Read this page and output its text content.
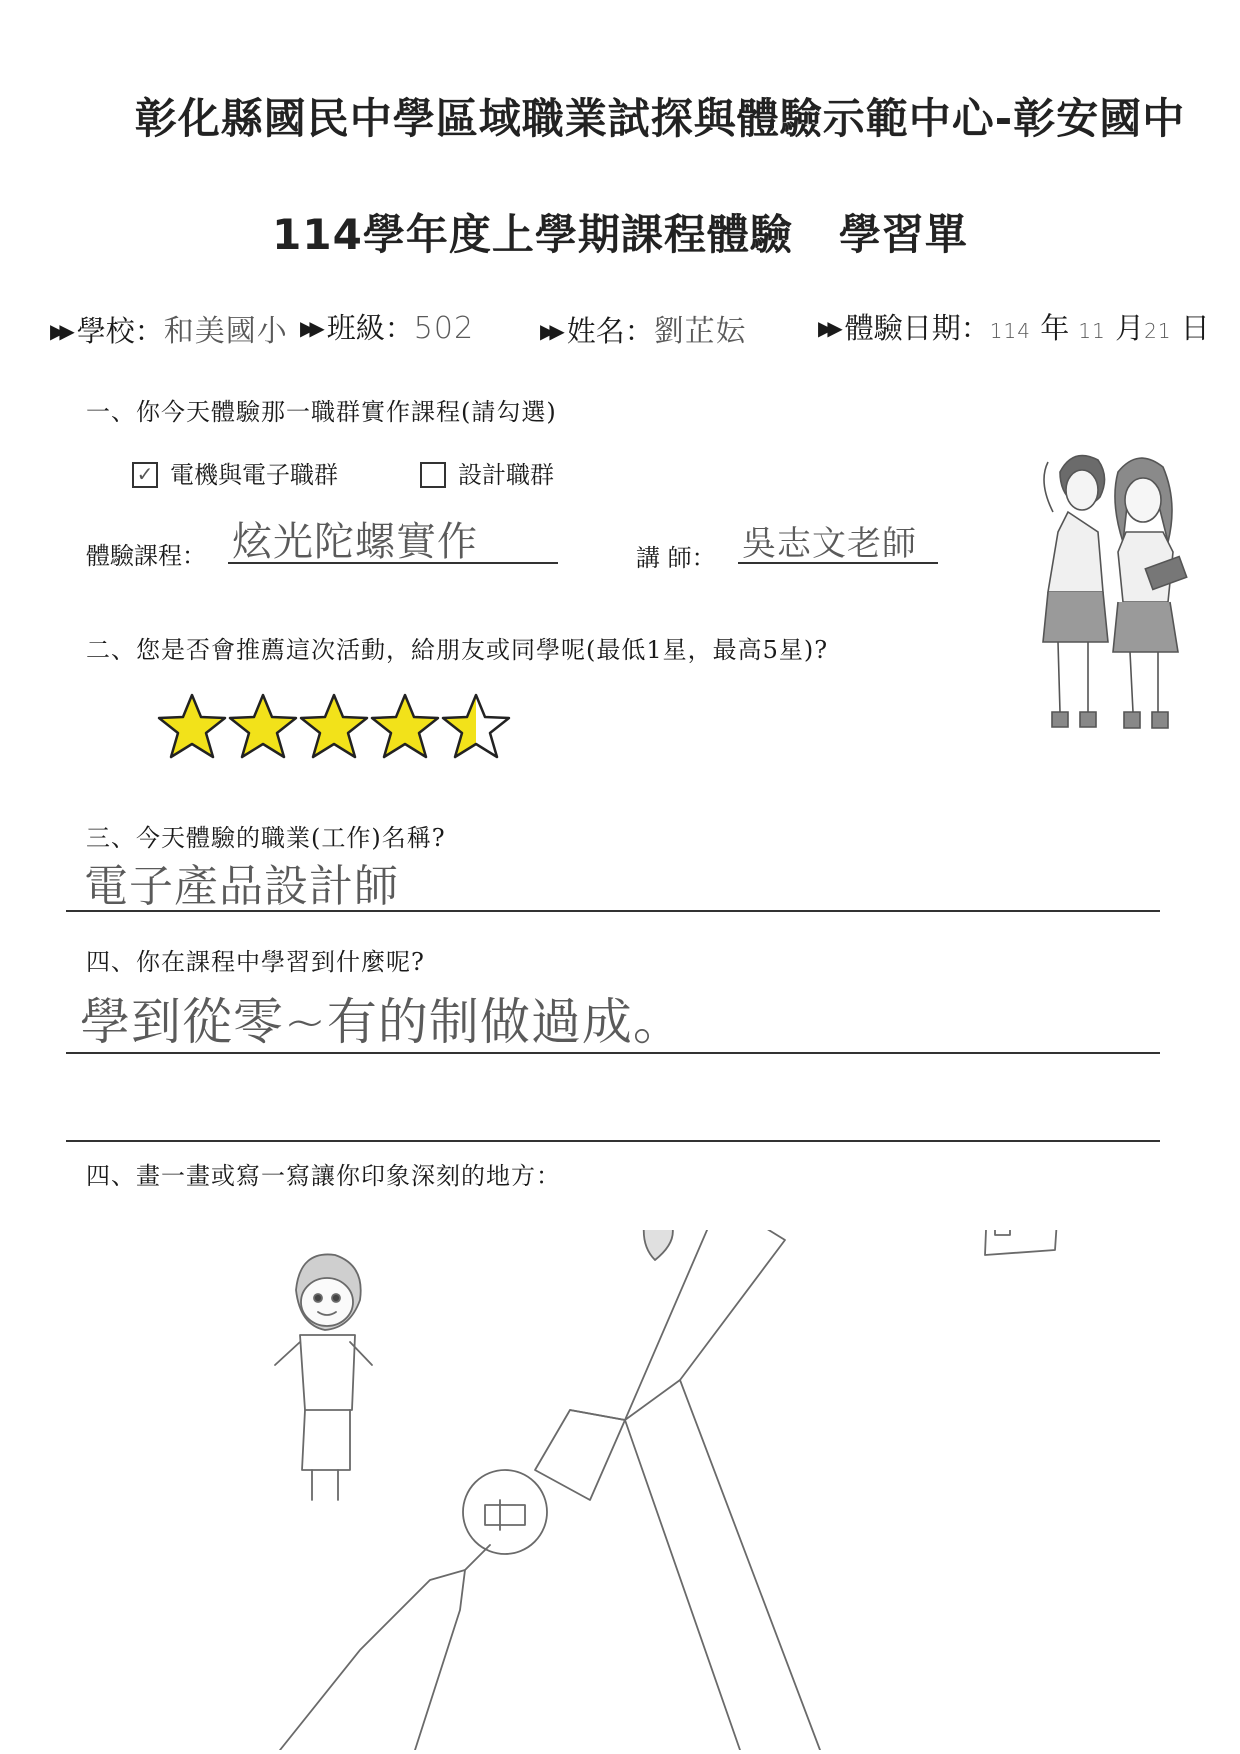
彰化縣國民中學區域職業試探與體驗示範中心-彰安國中
114學年度上學期課程體驗 學習單
▶▶ 學校：和美國小 ▶▶ 班級：502	▶▶ 姓名：劉芷妘	▶▶ 體驗日期：114 年 11 月21 日
一、你今天體驗那一職群實作課程(請勾選)
✓ 電機與電子職群	設計職群
體驗課程： 炫光陀螺實作	講 師： 吳志文老師
二、您是否會推薦這次活動，給朋友或同學呢(最低1星，最高5星)?
三、今天體驗的職業(工作)名稱?
電子產品設計師
四、你在課程中學習到什麼呢?
學到從零~有的制做過成。
四、畫一畫或寫一寫讓你印象深刻的地方：
